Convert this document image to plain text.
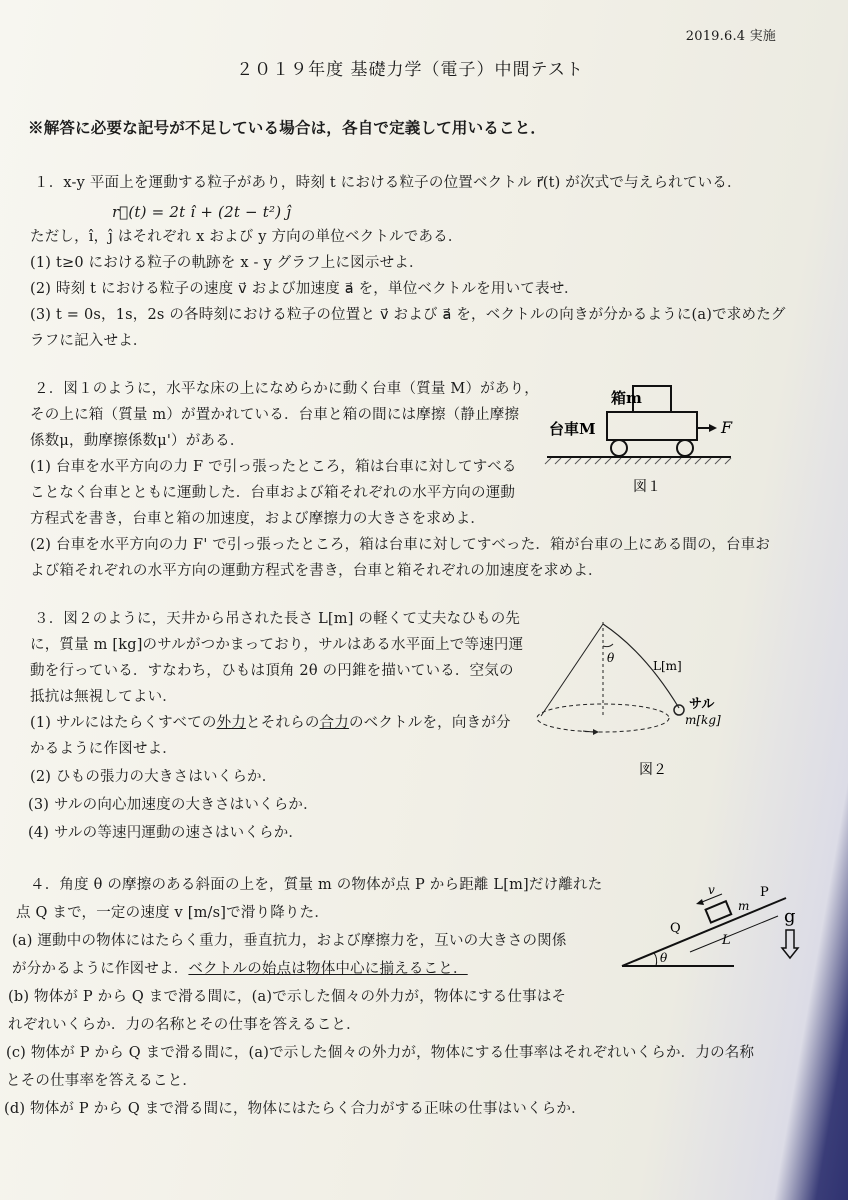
2019.6.4 実施
２０１９年度 基礎力学（電子）中間テスト
※解答に必要な記号が不足している場合は，各自で定義して用いること．
１．x-y 平面上を運動する粒子があり，時刻 t における粒子の位置ベクトル r⃗(t) が次式で与えられている．
r⃗(t) = 2t î + (2t − t²) ĵ
ただし，î，ĵ はそれぞれ x および y 方向の単位ベクトルである．
(1) t≥0 における粒子の軌跡を x - y グラフ上に図示せよ．
(2) 時刻 t における粒子の速度 v⃗ および加速度 a⃗ を，単位ベクトルを用いて表せ．
(3) t = 0s，1s，2s の各時刻における粒子の位置と v⃗ および a⃗ を，ベクトルの向きが分かるように(a)で求めたグ
ラフに記入せよ．
２．図１のように，水平な床の上になめらかに動く台車（質量 M）があり，
その上に箱（質量 m）が置かれている．台車と箱の間には摩擦（静止摩擦
係数μ，動摩擦係数μ'）がある．
(1) 台車を水平方向の力 F で引っ張ったところ，箱は台車に対してすべる
ことなく台車とともに運動した．台車および箱それぞれの水平方向の運動
方程式を書き，台車と箱の加速度，および摩擦力の大きさを求めよ．
(2) 台車を水平方向の力 F' で引っ張ったところ，箱は台車に対してすべった．箱が台車の上にある間の，台車お
よび箱それぞれの水平方向の運動方程式を書き，台車と箱それぞれの加速度を求めよ．
箱m
台車M	F
図１
３．図２のように，天井から吊された長さ L[m] の軽くて丈夫なひもの先
に，質量 m [kg]のサルがつかまっており，サルはある水平面上で等速円運
動を行っている．すなわち，ひもは頂角 2θ の円錐を描いている．空気の
抵抗は無視してよい．
(1) サルにはたらくすべての外力とそれらの合力のベクトルを，向きが分
かるように作図せよ．
(2) ひもの張力の大きさはいくらか．
(3) サルの向心加速度の大きさはいくらか．
(4) サルの等速円運動の速さはいくらか．
θ
L[m]
サル
m[kg]
図２
４．角度 θ の摩擦のある斜面の上を，質量 m の物体が点 P から距離 L[m]だけ離れた
点 Q まで，一定の速度 v [m/s]で滑り降りた．
(a) 運動中の物体にはたらく重力，垂直抗力，および摩擦力を，互いの大きさの関係
が分かるように作図せよ．ベクトルの始点は物体中心に揃えること．
(b) 物体が P から Q まで滑る間に，(a)で示した個々の外力が，物体にする仕事はそ
れぞれいくらか．力の名称とその仕事を答えること．
(c) 物体が P から Q まで滑る間に，(a)で示した個々の外力が，物体にする仕事率はそれぞれいくらか．力の名称
とその仕事率を答えること．
(d) 物体が P から Q まで滑る間に，物体にはたらく合力がする正味の仕事はいくらか．
v
m
P
Q
L
θ
g
